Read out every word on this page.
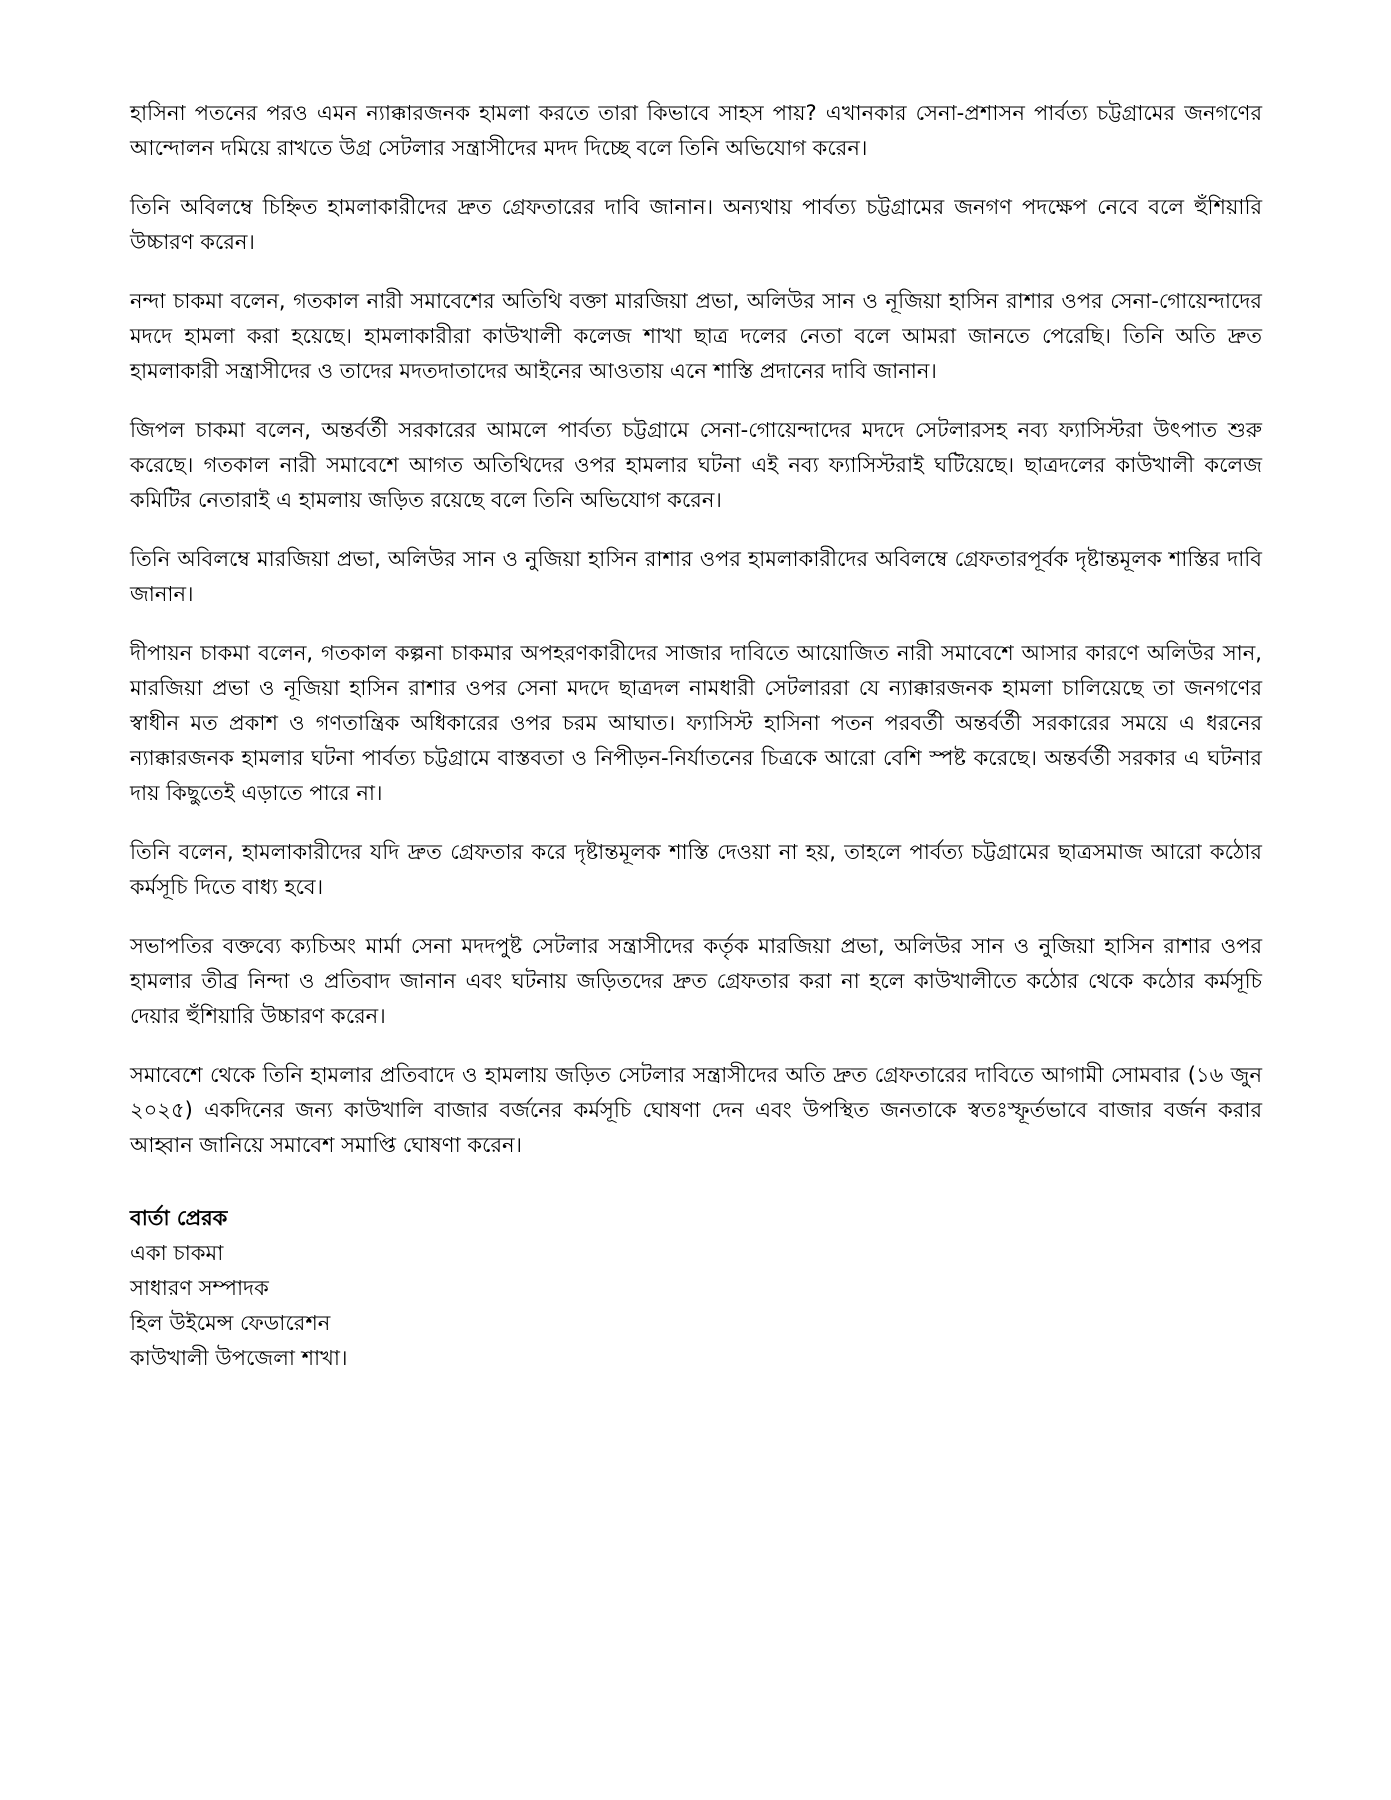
হাসিনা পতনের পরও এমন ন্যাক্কারজনক হামলা করতে তারা কিভাবে সাহস পায়? এখানকার সেনা-প্রশাসন পার্বত্য চট্টগ্রামের জনগণের আন্দোলন দমিয়ে রাখতে উগ্র সেটলার সন্ত্রাসীদের মদদ দিচ্ছে বলে তিনি অভিযোগ করেন।

তিনি অবিলম্বে চিহ্নিত হামলাকারীদের দ্রুত গ্রেফতারের দাবি জানান। অন্যথায় পার্বত্য চট্টগ্রামের জনগণ পদক্ষেপ নেবে বলে হুঁশিয়ারি উচ্চারণ করেন।

নন্দা চাকমা বলেন, গতকাল নারী সমাবেশের অতিথি বক্তা মারজিয়া প্রভা, অলিউর সান ও নূজিয়া হাসিন রাশার ওপর সেনা-গোয়েন্দাদের মদদে হামলা করা হয়েছে। হামলাকারীরা কাউখালী কলেজ শাখা ছাত্র দলের নেতা বলে আমরা জানতে পেরেছি। তিনি অতি দ্রুত হামলাকারী সন্ত্রাসীদের ও তাদের মদতদাতাদের আইনের আওতায় এনে শাস্তি প্রদানের দাবি জানান।

জিপল চাকমা বলেন, অন্তর্বর্তী সরকারের আমলে পার্বত্য চট্টগ্রামে সেনা-গোয়েন্দাদের মদদে সেটলারসহ নব্য ফ্যাসিস্টরা উৎপাত শুরু করেছে। গতকাল নারী সমাবেশে আগত অতিথিদের ওপর হামলার ঘটনা এই নব্য ফ্যাসিস্টরাই ঘটিয়েছে। ছাত্রদলের কাউখালী কলেজ কমিটির নেতারাই এ হামলায় জড়িত রয়েছে বলে তিনি অভিযোগ করেন।

তিনি অবিলম্বে মারজিয়া প্রভা, অলিউর সান ও নুজিয়া হাসিন রাশার ওপর হামলাকারীদের অবিলম্বে গ্রেফতারপূর্বক দৃষ্টান্তমূলক শাস্তির দাবি জানান।

দীপায়ন চাকমা বলেন, গতকাল কল্পনা চাকমার অপহরণকারীদের সাজার দাবিতে আয়োজিত নারী সমাবেশে আসার কারণে অলিউর সান, মারজিয়া প্রভা ও নূজিয়া হাসিন রাশার ওপর সেনা মদদে ছাত্রদল নামধারী সেটলাররা যে ন্যাক্কারজনক হামলা চালিয়েছে তা জনগণের স্বাধীন মত প্রকাশ ও গণতান্ত্রিক অধিকারের ওপর চরম আঘাত। ফ্যাসিস্ট হাসিনা পতন পরবর্তী অন্তর্বর্তী সরকারের সময়ে এ ধরনের ন্যাক্কারজনক হামলার ঘটনা পার্বত্য চট্টগ্রামে বাস্তবতা ও নিপীড়ন-নির্যাতনের চিত্রকে আরো বেশি স্পষ্ট করেছে। অন্তর্বর্তী সরকার এ ঘটনার দায় কিছুতেই এড়াতে পারে না।

তিনি বলেন, হামলাকারীদের যদি দ্রুত গ্রেফতার করে দৃষ্টান্তমূলক শাস্তি দেওয়া না হয়, তাহলে পার্বত্য চট্টগ্রামের ছাত্রসমাজ আরো কঠোর কর্মসূচি দিতে বাধ্য হবে।

সভাপতির বক্তব্যে ক্যচিঅং মার্মা সেনা মদদপুষ্ট সেটলার সন্ত্রাসীদের কর্তৃক মারজিয়া প্রভা, অলিউর সান ও নুজিয়া হাসিন রাশার ওপর হামলার তীব্র নিন্দা ও প্রতিবাদ জানান এবং ঘটনায় জড়িতদের দ্রুত গ্রেফতার করা না হলে কাউখালীতে কঠোর থেকে কঠোর কর্মসূচি দেয়ার হুঁশিয়ারি উচ্চারণ করেন।

সমাবেশে থেকে তিনি হামলার প্রতিবাদে ও হামলায় জড়িত সেটলার সন্ত্রাসীদের অতি দ্রুত গ্রেফতারের দাবিতে আগামী সোমবার (১৬ জুন ২০২৫) একদিনের জন্য কাউখালি বাজার বর্জনের কর্মসূচি ঘোষণা দেন এবং উপস্থিত জনতাকে স্বতঃস্ফূর্তভাবে বাজার বর্জন করার আহ্বান জানিয়ে সমাবেশ সমাপ্তি ঘোষণা করেন।

বার্তা প্রেরক
একা চাকমা
সাধারণ সম্পাদক
হিল উইমেন্স ফেডারেশন
কাউখালী উপজেলা শাখা।
